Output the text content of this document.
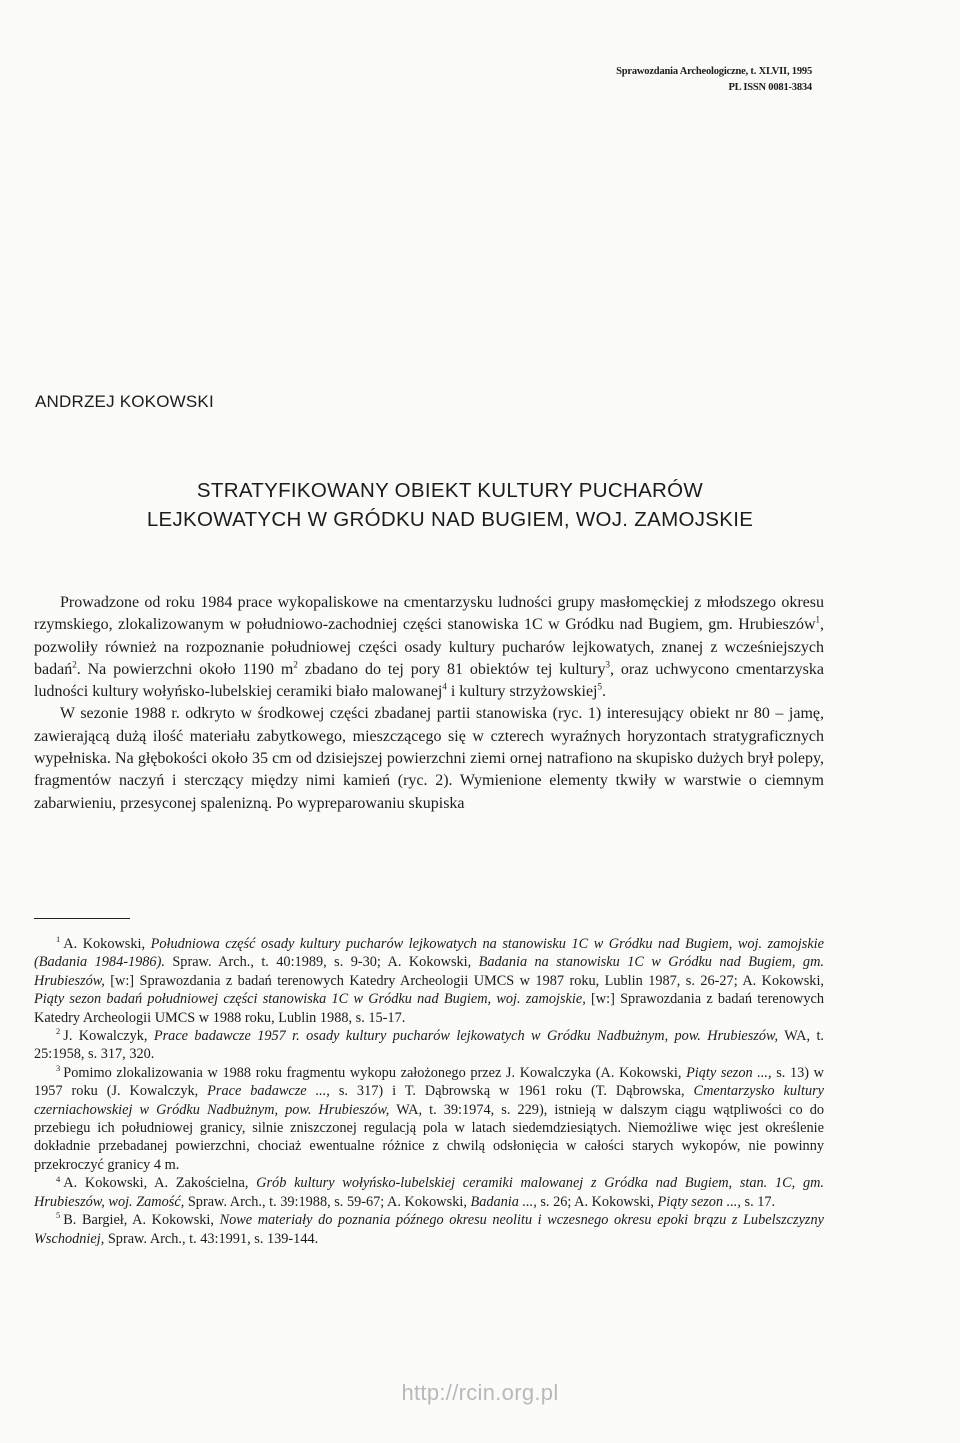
Sprawozdania Archeologiczne, t. XLVII, 1995
PL ISSN 0081-3834
ANDRZEJ KOKOWSKI
STRATYFIKOWANY OBIEKT KULTURY PUCHARÓW
LEJKOWATYCH W GRÓDKU NAD BUGIEM, WOJ. ZAMOJSKIE

Prowadzone od roku 1984 prace wykopaliskowe na cmentarzysku ludności grupy masłomęckiej z młodszego okresu rzymskiego, zlokalizowanym w południowo-zachodniej części stanowiska 1C w Gródku nad Bugiem, gm. Hrubieszów$^1$, pozwoliły również na rozpoznanie południowej części osady kultury pucharów lejkowatych, znanej z wcześniejszych badań$^2$. Na powierzchni około 1190 $m^2$ zbadano do tej pory 81 obiektów tej kultury$^3$, oraz uchwycono cmentarzyska ludności kultury wołyńsko-lubelskiej ceramiki biało malowanej$^4$ i kultury strzyżowskiej$^5$.

W sezonie 1988 r. odkryto w środkowej części zbadanej partii stanowiska (ryc. 1) interesujący obiekt nr 80 – jamę, zawierającą dużą ilość materiału zabytkowego, mieszczącego się w czterech wyraźnych horyzontach stratygraficznych wypełniska. Na głębokości około 35 cm od dzisiejszej powierzchni ziemi ornej natrafiono na skupisko dużych brył polepy, fragmentów naczyń i sterczący między nimi kamień (ryc. 2). Wymienione elementy tkwiły w warstwie o ciemnym zabarwieniu, przesyconej spalenizną. Po wypreparowaniu skupiska

$^1$ A. Kokowski, Południowa część osady kultury pucharów lejkowatych na stanowisku 1C w Gródku nad Bugiem, woj. zamojskie (Badania 1984-1986). Spraw. Arch., t. 40:1989, s. 9-30; A. Kokowski, Badania na stanowisku 1C w Gródku nad Bugiem, gm. Hrubieszów, [w:] Sprawozdania z badań terenowych Katedry Archeologii UMCS w 1987 roku, Lublin 1987, s. 26-27; A. Kokowski, Piąty sezon badań południowej części stanowiska 1C w Gródku nad Bugiem, woj. zamojskie, [w:] Sprawozdania z badań terenowych Katedry Archeologii UMCS w 1988 roku, Lublin 1988, s. 15-17.

$^2$ J. Kowalczyk, Prace badawcze 1957 r. osady kultury pucharów lejkowatych w Gródku Nadbużnym, pow. Hrubieszów, WA, t. 25:1958, s. 317, 320.

$^3$ Pomimo zlokalizowania w 1988 roku fragmentu wykopu założonego przez J. Kowalczyka (A. Kokowski, Piąty sezon ..., s. 13) w 1957 roku (J. Kowalczyk, Prace badawcze ..., s. 317) i T. Dąbrowską w 1961 roku (T. Dąbrowska, Cmentarzysko kultury czerniachowskiej w Gródku Nadbużnym, pow. Hrubieszów, WA, t. 39:1974, s. 229), istnieją w dalszym ciągu wątpliwości co do przebiegu ich południowej granicy, silnie zniszczonej regulacją pola w latach siedemdziesiątych. Niemożliwe więc jest określenie dokładnie przebadanej powierzchni, chociaż ewentualne różnice z chwilą odsłonięcia w całości starych wykopów, nie powinny przekroczyć granicy 4 m.

$^4$ A. Kokowski, A. Zakościelna, Grób kultury wołyńsko-lubelskiej ceramiki malowanej z Gródka nad Bugiem, stan. 1C, gm. Hrubieszów, woj. Zamość, Spraw. Arch., t. 39:1988, s. 59-67; A. Kokowski, Badania ..., s. 26; A. Kokowski, Piąty sezon ..., s. 17.

$^5$ B. Bargieł, A. Kokowski, Nowe materiały do poznania późnego okresu neolitu i wczesnego okresu epoki brązu z Lubelszczyzny Wschodniej, Spraw. Arch., t. 43:1991, s. 139-144.

http://rcin.org.pl
